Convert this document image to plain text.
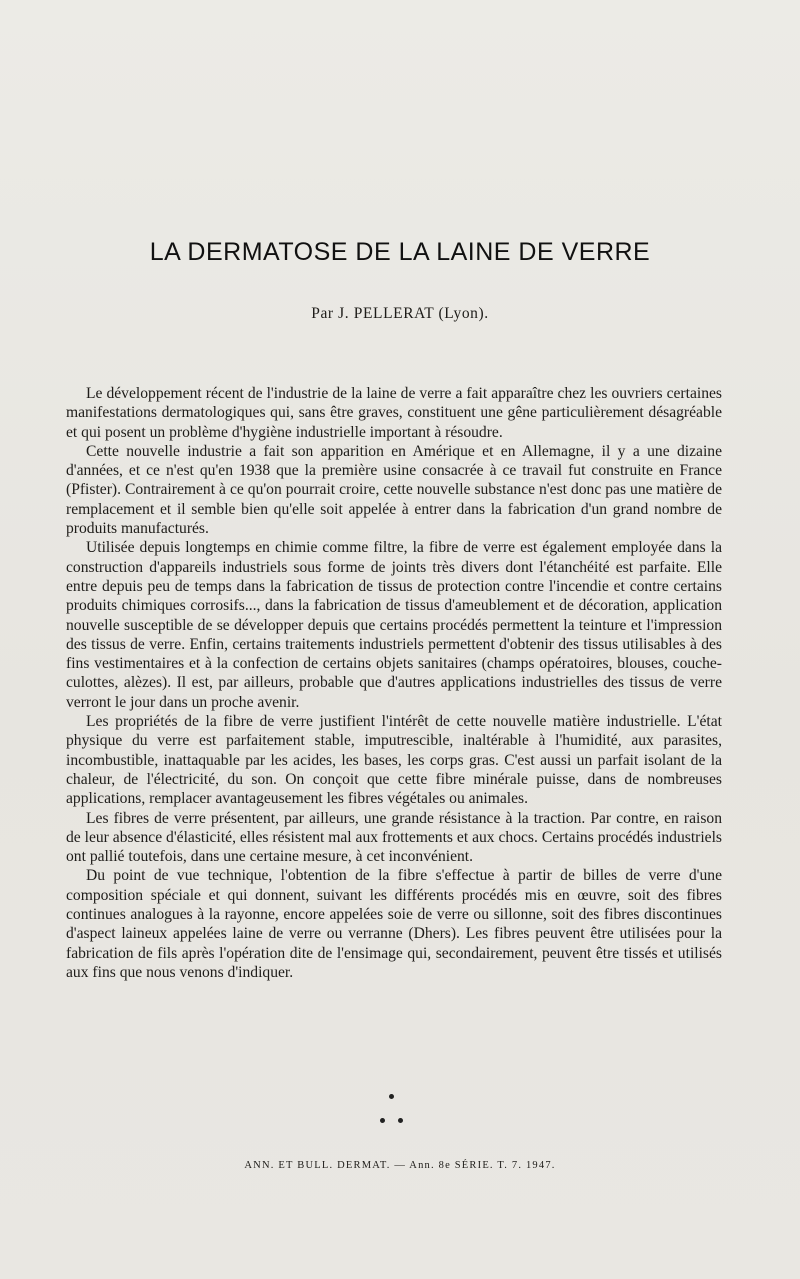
LA DERMATOSE DE LA LAINE DE VERRE

Par J. PELLERAT (Lyon).

Le développement récent de l'industrie de la laine de verre a fait apparaître chez les ouvriers certaines manifestations dermatologiques qui, sans être graves, constituent une gêne particulièrement désagréable et qui posent un problème d'hygiène industrielle important à résoudre.

Cette nouvelle industrie a fait son apparition en Amérique et en Allemagne, il y a une dizaine d'années, et ce n'est qu'en 1938 que la première usine consacrée à ce travail fut construite en France (Pfister). Contrairement à ce qu'on pourrait croire, cette nouvelle substance n'est donc pas une matière de remplacement et il semble bien qu'elle soit appelée à entrer dans la fabrication d'un grand nombre de produits manufacturés.

Utilisée depuis longtemps en chimie comme filtre, la fibre de verre est également employée dans la construction d'appareils industriels sous forme de joints très divers dont l'étanchéité est parfaite. Elle entre depuis peu de temps dans la fabrication de tissus de protection contre l'incendie et contre certains produits chimiques corrosifs..., dans la fabrication de tissus d'ameublement et de décoration, application nouvelle susceptible de se développer depuis que certains procédés permettent la teinture et l'impression des tissus de verre. Enfin, certains traitements industriels permettent d'obtenir des tissus utilisables à des fins vestimentaires et à la confection de certains objets sanitaires (champs opératoires, blouses, couche-culottes, alèzes). Il est, par ailleurs, probable que d'autres applications industrielles des tissus de verre verront le jour dans un proche avenir.

Les propriétés de la fibre de verre justifient l'intérêt de cette nouvelle matière industrielle. L'état physique du verre est parfaitement stable, imputrescible, inaltérable à l'humidité, aux parasites, incombustible, inattaquable par les acides, les bases, les corps gras. C'est aussi un parfait isolant de la chaleur, de l'électricité, du son. On conçoit que cette fibre minérale puisse, dans de nombreuses applications, remplacer avantageusement les fibres végétales ou animales.

Les fibres de verre présentent, par ailleurs, une grande résistance à la traction. Par contre, en raison de leur absence d'élasticité, elles résistent mal aux frottements et aux chocs. Certains procédés industriels ont pallié toutefois, dans une certaine mesure, à cet inconvénient.

Du point de vue technique, l'obtention de la fibre s'effectue à partir de billes de verre d'une composition spéciale et qui donnent, suivant les différents procédés mis en œuvre, soit des fibres continues analogues à la rayonne, encore appelées soie de verre ou sillonne, soit des fibres discontinues d'aspect laineux appelées laine de verre ou verranne (Dhers). Les fibres peuvent être utilisées pour la fabrication de fils après l'opération dite de l'ensimage qui, secondairement, peuvent être tissés et utilisés aux fins que nous venons d'indiquer.

ANN. ET BULL. DERMAT. — Ann. 8e SÉRIE. T. 7. 1947.
